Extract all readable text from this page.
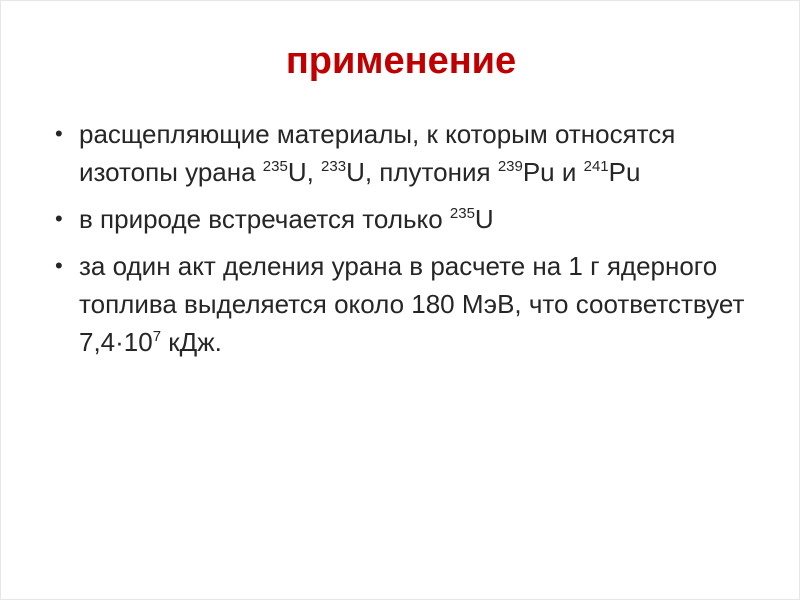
применение
• расщепляющие материалы, к которым относятся изотопы урана $^{235}$U, $^{233}$U, плутония $^{239}$Pu и $^{241}$Pu
• в природе встречается только $^{235}$U
• за один акт деления урана в расчете на 1 г ядерного топлива выделяется около 180 МэВ, что соответствует $7,4\cdot 10^7$ кДж.
